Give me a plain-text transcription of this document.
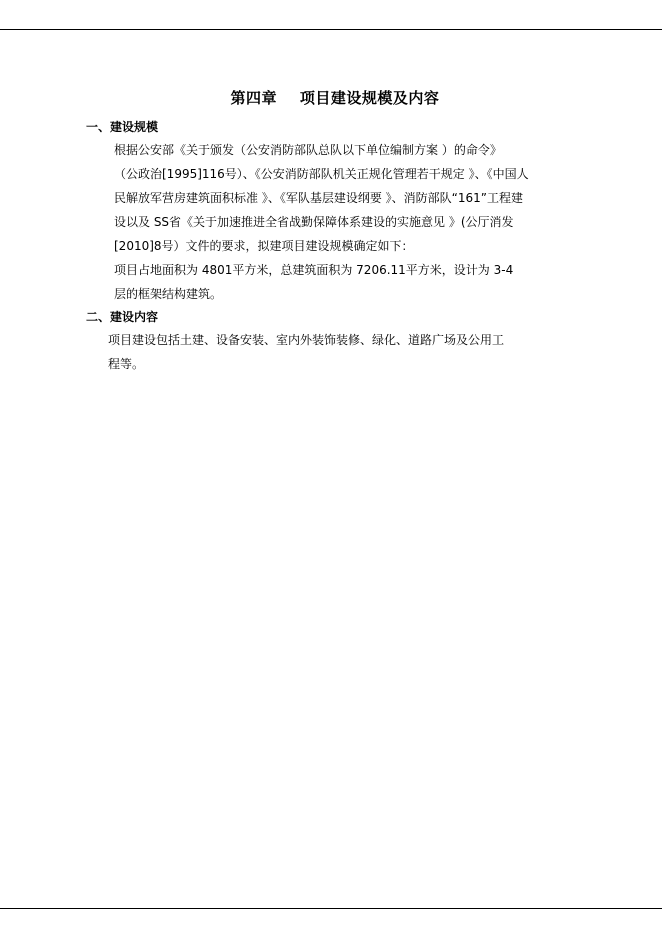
第四章    项目建设规模及内容
一、建设规模

根据公安部《关于颁发（公安消防部队总队以下单位编制方案 ）的命令》
（公政治[1995]116号）、《公安消防部队机关正规化管理若干规定 》、《中国人
民解放军营房建筑面积标准 》、《军队基层建设纲要 》、消防部队“161”工程建
设以及 SS省《关于加速推进全省战勤保障体系建设的实施意见 》(公厅消发
[2010]8号）文件的要求，拟建项目建设规模确定如下：

项目占地面积为 4801平方米，总建筑面积为 7206.11平方米，设计为 3-4
层的框架结构建筑。

二、建设内容

项目建设包括土建、设备安装、室内外装饰装修、绿化、道路广场及公用工
程等。
